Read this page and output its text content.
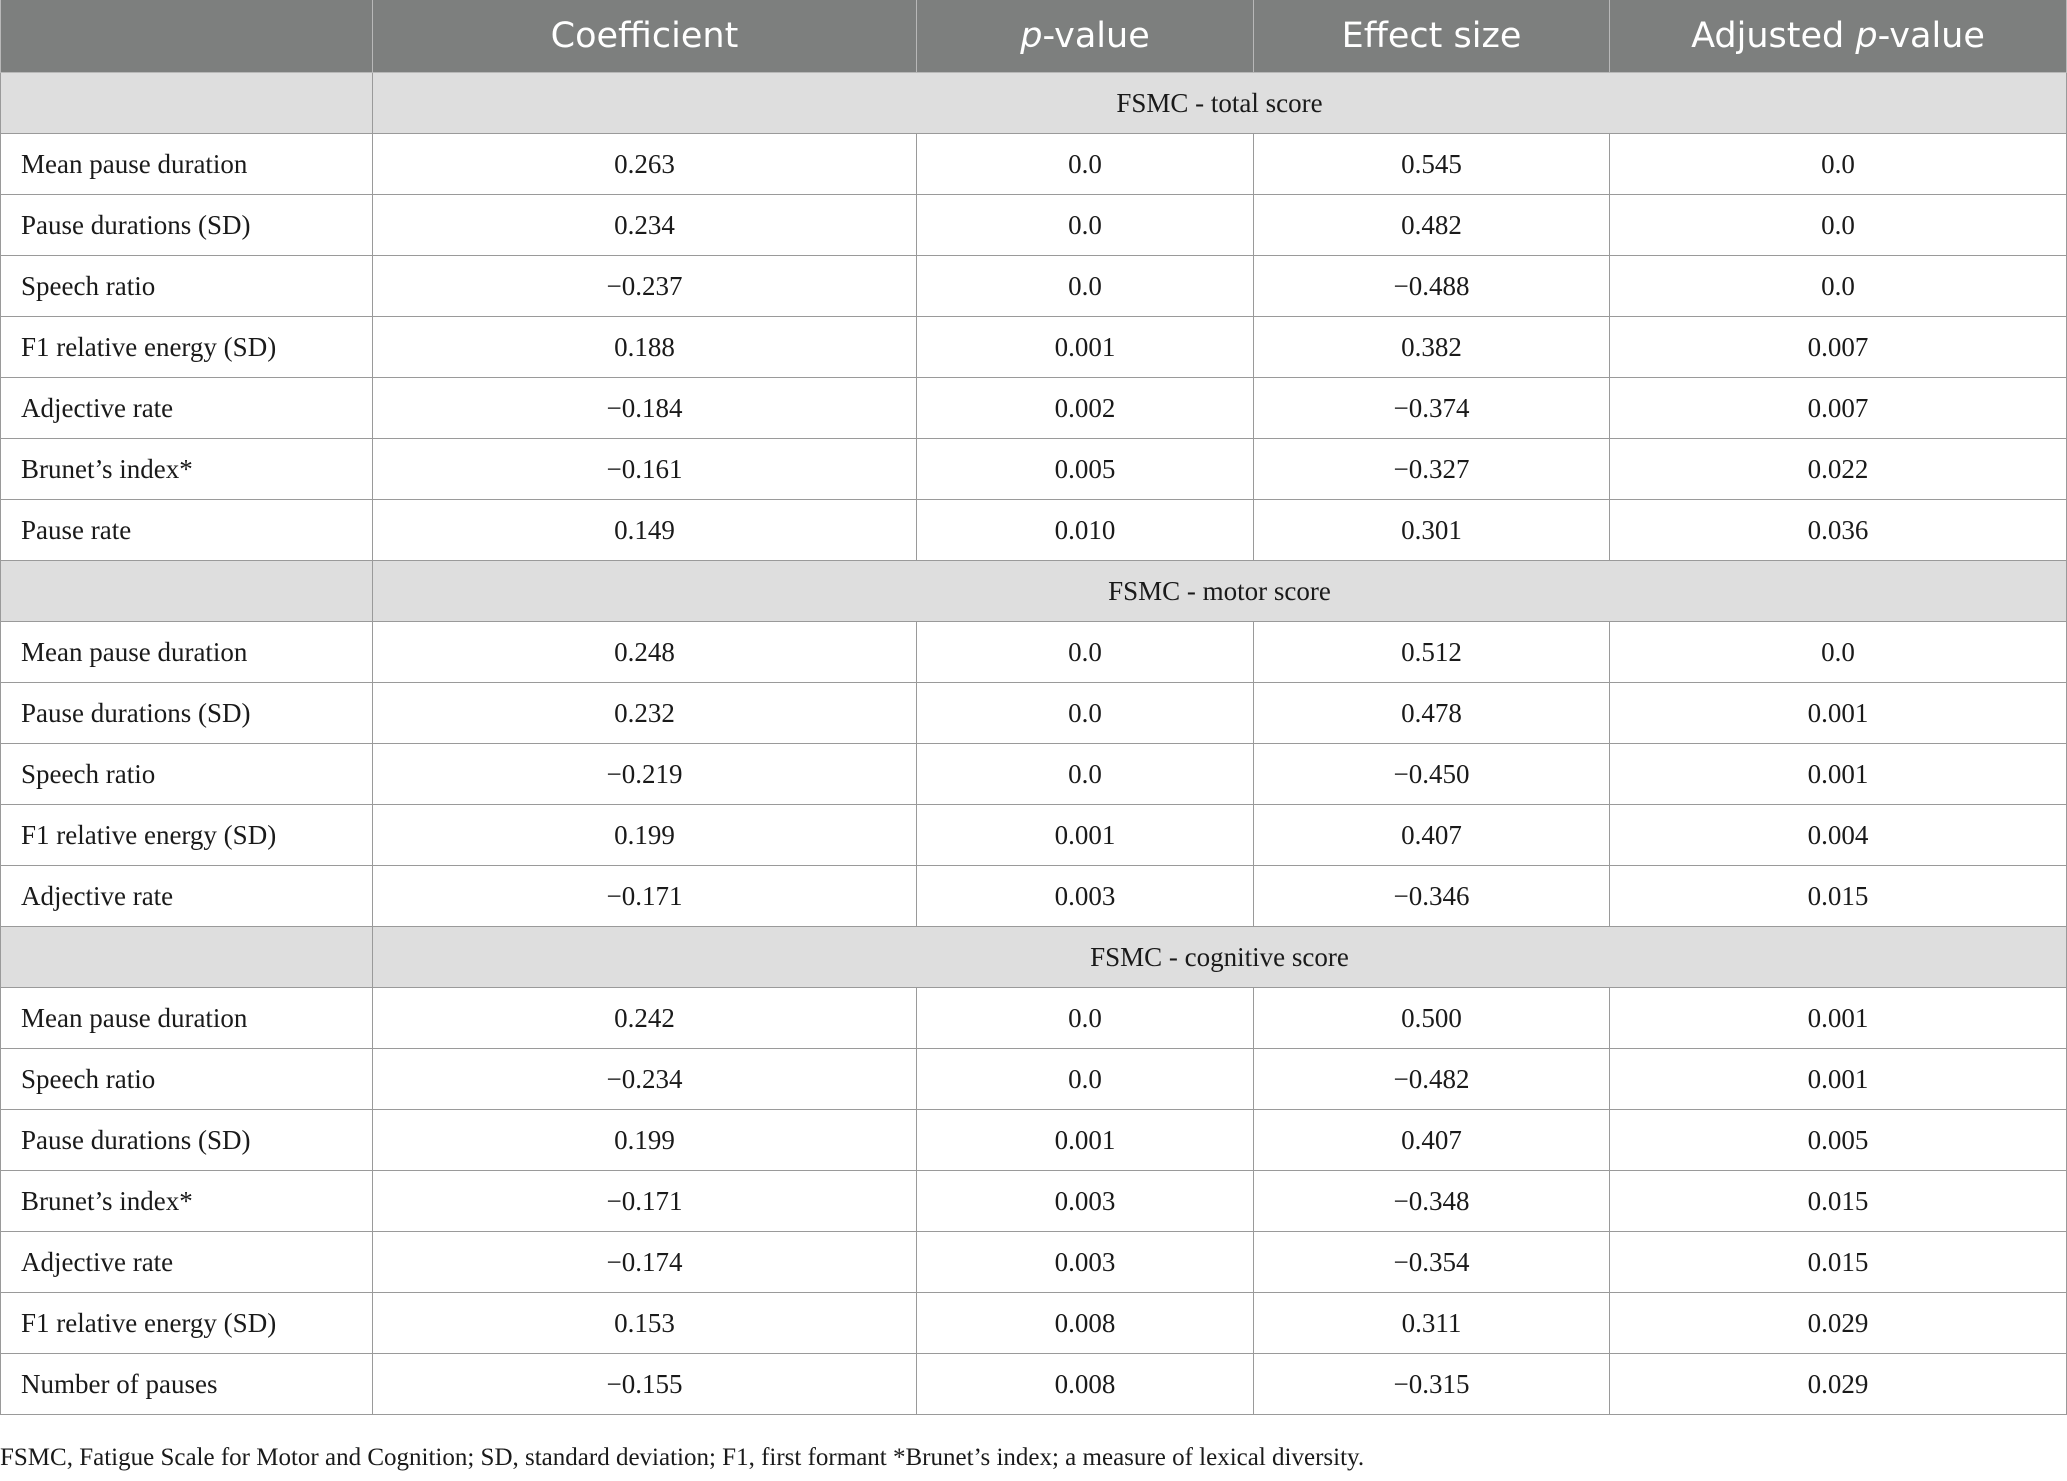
	Coefficient	p-value	Effect size	Adjusted p-value
	FSMC - total score			
Mean pause duration	0.263	0.0	0.545	0.0
Pause durations (SD)	0.234	0.0	0.482	0.0
Speech ratio	−0.237	0.0	−0.488	0.0
F1 relative energy (SD)	0.188	0.001	0.382	0.007
Adjective rate	−0.184	0.002	−0.374	0.007
Brunet’s index*	−0.161	0.005	−0.327	0.022
Pause rate	0.149	0.010	0.301	0.036
	FSMC - motor score			
Mean pause duration	0.248	0.0	0.512	0.0
Pause durations (SD)	0.232	0.0	0.478	0.001
Speech ratio	−0.219	0.0	−0.450	0.001
F1 relative energy (SD)	0.199	0.001	0.407	0.004
Adjective rate	−0.171	0.003	−0.346	0.015
	FSMC - cognitive score			
Mean pause duration	0.242	0.0	0.500	0.001
Speech ratio	−0.234	0.0	−0.482	0.001
Pause durations (SD)	0.199	0.001	0.407	0.005
Brunet’s index*	−0.171	0.003	−0.348	0.015
Adjective rate	−0.174	0.003	−0.354	0.015
F1 relative energy (SD)	0.153	0.008	0.311	0.029
Number of pauses	−0.155	0.008	−0.315	0.029
FSMC, Fatigue Scale for Motor and Cognition; SD, standard deviation; F1, first formant *Brunet’s index; a measure of lexical diversity.
